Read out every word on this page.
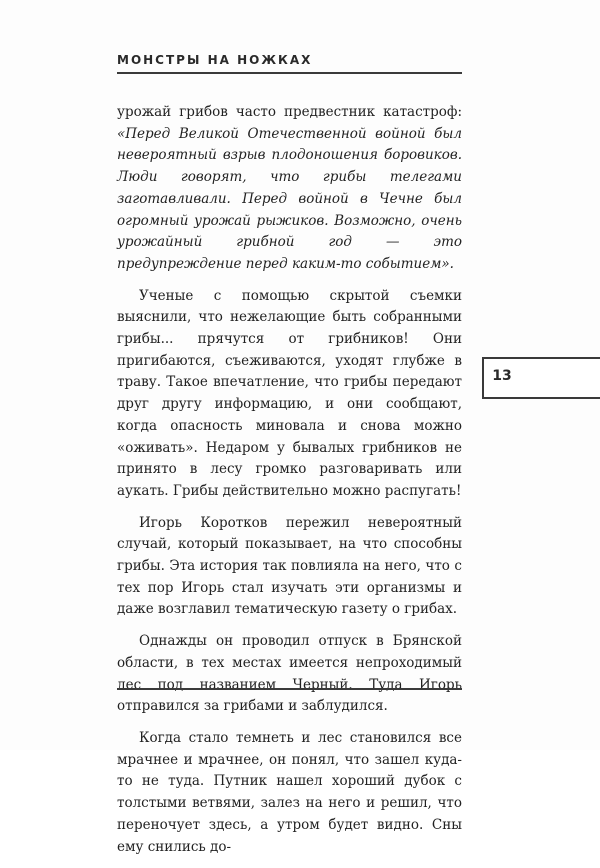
МОНСТРЫ НА НОЖКАХ

урожай грибов часто предвестник катастроф: «Перед Великой Отечественной войной был невероятный взрыв плодоношения боровиков. Люди говорят, что грибы телегами заготавливали. Перед войной в Чечне был огромный урожай рыжиков. Возможно, очень урожайный грибной год — это предупреждение перед каким-то событием».

Ученые с помощью скрытой съемки выяснили, что нежелающие быть собранными грибы... прячутся от грибников! Они пригибаются, съеживаются, уходят глубже в траву. Такое впечатление, что грибы передают друг другу информацию, и они сообщают, когда опасность миновала и снова можно «оживать». Недаром у бывалых грибников не принято в лесу громко разговаривать или аукать. Грибы действительно можно распугать!

Игорь Коротков пережил невероятный случай, который показывает, на что способны грибы. Эта история так повлияла на него, что с тех пор Игорь стал изучать эти организмы и даже возглавил тематическую газету о грибах.

Однажды он проводил отпуск в Брянской области, в тех местах имеется непроходимый лес под названием Черный. Туда Игорь отправился за грибами и заблудился.

Когда стало темнеть и лес становился все мрачнее и мрачнее, он понял, что зашел куда-то не туда. Путник нашел хороший дубок с толстыми ветвями, залез на него и решил, что переночует здесь, а утром будет видно. Сны ему снились до-

13
